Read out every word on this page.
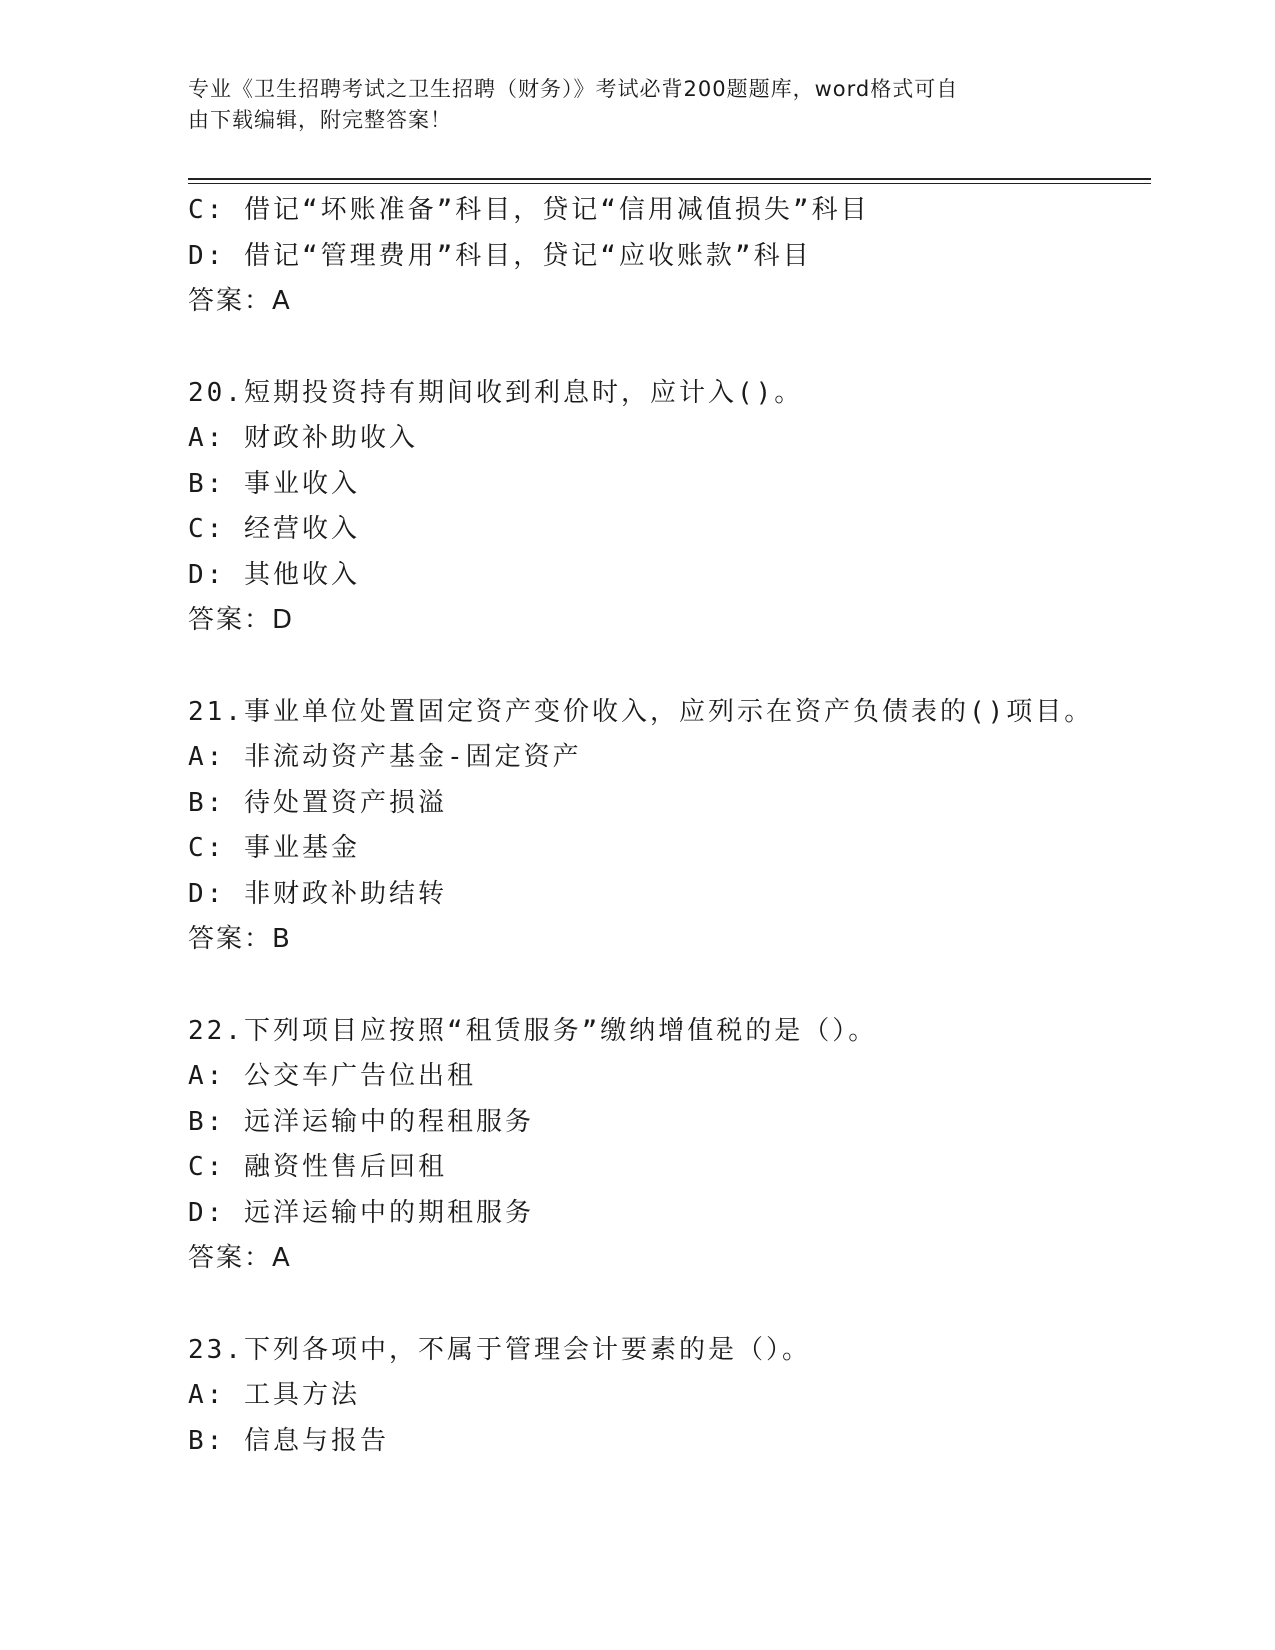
专业《卫生招聘考试之卫生招聘（财务）》考试必背200题题库，word格式可自
由下载编辑，附完整答案！
C: 借记“坏账准备”科目，贷记“信用减值损失”科目
D: 借记“管理费用”科目，贷记“应收账款”科目
答案：A
20.短期投资持有期间收到利息时，应计入()。
A: 财政补助收入
B: 事业收入
C: 经营收入
D: 其他收入
答案：D
21.事业单位处置固定资产变价收入，应列示在资产负债表的()项目。
A: 非流动资产基金-固定资产
B: 待处置资产损溢
C: 事业基金
D: 非财政补助结转
答案：B
22.下列项目应按照“租赁服务”缴纳增值税的是（）。
A: 公交车广告位出租
B: 远洋运输中的程租服务
C: 融资性售后回租
D: 远洋运输中的期租服务
答案：A
23.下列各项中，不属于管理会计要素的是（）。
A: 工具方法
B: 信息与报告
